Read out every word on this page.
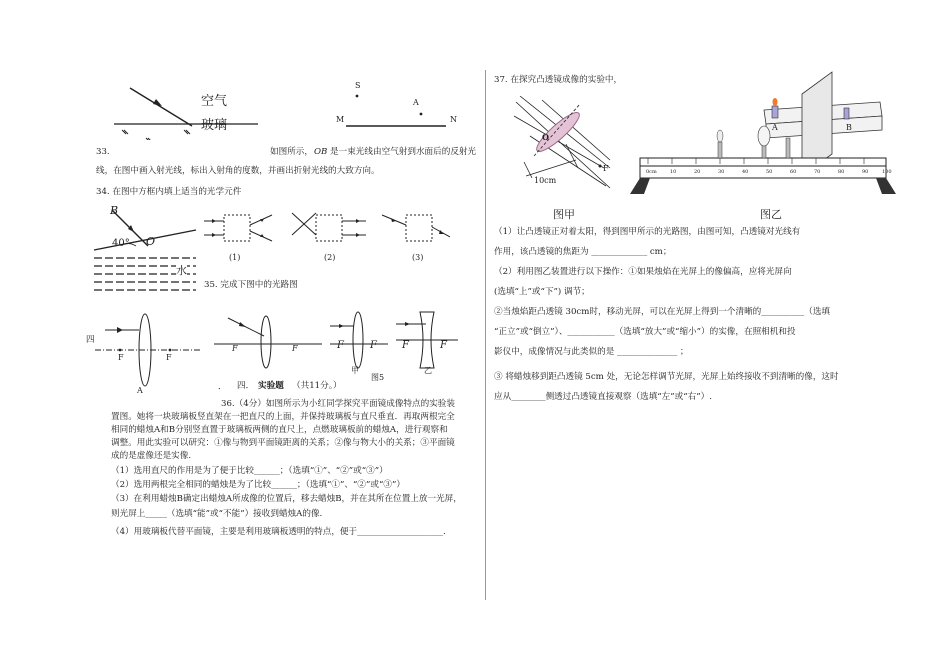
空气
玻璃
S
A
M	N
33.	如图所示， OB 是一束光线由空气射到水面后的反射光
线，在图中画入射光线，标出入射角的度数，并画出折射光线的大致方向。
34. 在图中方框内填上适当的光学元件
B
40° O
水
(1)	(2)	(3)
35. 完成下图中的光路图
四
F	F
A
F	F	F	F	F	F
甲
图5
乙
． 四． 实验题 （共11分。）
36.（4分）如图所示为小红同学探究平面镜成像特点的实验装
置图。她将一块玻璃板竖直架在一把直尺的上面，并保持玻璃板与直尺垂直．再取两根完全
相同的蜡烛A和B分别竖直置于玻璃板两侧的直尺上，点燃玻璃板前的蜡烛A，进行观察和
调整。用此实验可以研究：①像与物到平面镜距离的关系；②像与物大小的关系；③平面镜
成的是虚像还是实像.
（1）选用直尺的作用是为了便于比较______；（选填“①”、“②”或“③”）
（2）选用两根完全相同的蜡烛是为了比较______；（选填“①”、“②”或“③”）
（3）在利用蜡烛B确定出蜡烛A所成像的位置后，移去蜡烛B，并在其所在位置上放一光屏，
则光屏上_____（选填“能”或“不能”）接收到蜡烛A的像.
（4）用玻璃板代替平面镜，主要是利用玻璃板透明的特点，便于____________________.
37. 在探究凸透镜成像的实验中，
O
F
10cm
图甲
A	B
0cm	10	20	30	40	50	60	70	80	90	100
图乙
（1）让凸透镜正对着太阳，得到图甲所示的光路图，由图可知，凸透镜对光线有
作用，该凸透镜的焦距为 _____________ cm；
（2）利用图乙装置进行以下操作：①如果烛焰在光屏上的像偏高，应将光屏向
(选填“上”或“下”) 调节；
②当烛焰距凸透镜 30cm时，移动光屏，可以在光屏上得到一个清晰的__________（选填
“正立”或“倒立”）、___________（选填“放大”或“缩小”）的实像，在照相机和投
影仪中，成像情况与此类似的是 ______________ ；
③ 将蜡烛移到距凸透镜 5cm 处，无论怎样调节光屏，光屏上始终接收不到清晰的像，这时
应从________侧透过凸透镜直接观察（选填“左”或“右”）.
